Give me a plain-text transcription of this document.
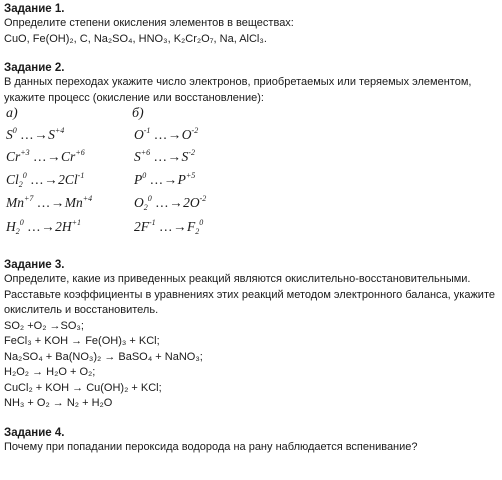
Задание 1.

Определите степени окисления элементов в веществах:

CuO, Fe(OH)₂, C, Na₂SO₄, HNO₃, K₂Cr₂O₇, Na, AlCl₃.

Задание 2.

В данных переходах укажите число электронов, приобретаемых или теряемых элементом,

укажите процесс (окисление или восстановление):

а)	б)
$S^0$ $\dots\to S^{+4}$
$Cr^{+3}$ $\dots\to Cr^{+6}$
$Cl_2^0$ $\dots\to 2Cl^{-1}$
$Mn^{+7}$ $\dots\to Mn^{+4}$
$H_2^0$ $\dots\to 2H^{+1}$
$O^{-1}$ $\dots\to O^{-2}$
$S^{+6}$ $\dots\to S^{-2}$
$P^0$ $\dots\to P^{+5}$
$O_2^0$ $\dots\to 2O^{-2}$
$2F^{-1}$ $\dots\to F_2^0$

Задание 3.

Определите, какие из приведенных реакций являются окислительно-восстановительными.

Расставьте коэффициенты в уравнениях этих реакций методом электронного баланса, укажите

окислитель и восстановитель.

SO₂ +O₂ →SO₃;

FeCl₃ + KOH → Fe(OH)₃ + KCl;

Na₂SO₄ + Ba(NO₃)₂ → BaSO₄ + NaNO₃;

H₂O₂ → H₂O + O₂;

CuCl₂ + KOH → Cu(OH)₂ + KCl;

NH₃ + O₂ → N₂ + H₂O

Задание 4.

Почему при попадании пероксида водорода на рану наблюдается вспенивание?
